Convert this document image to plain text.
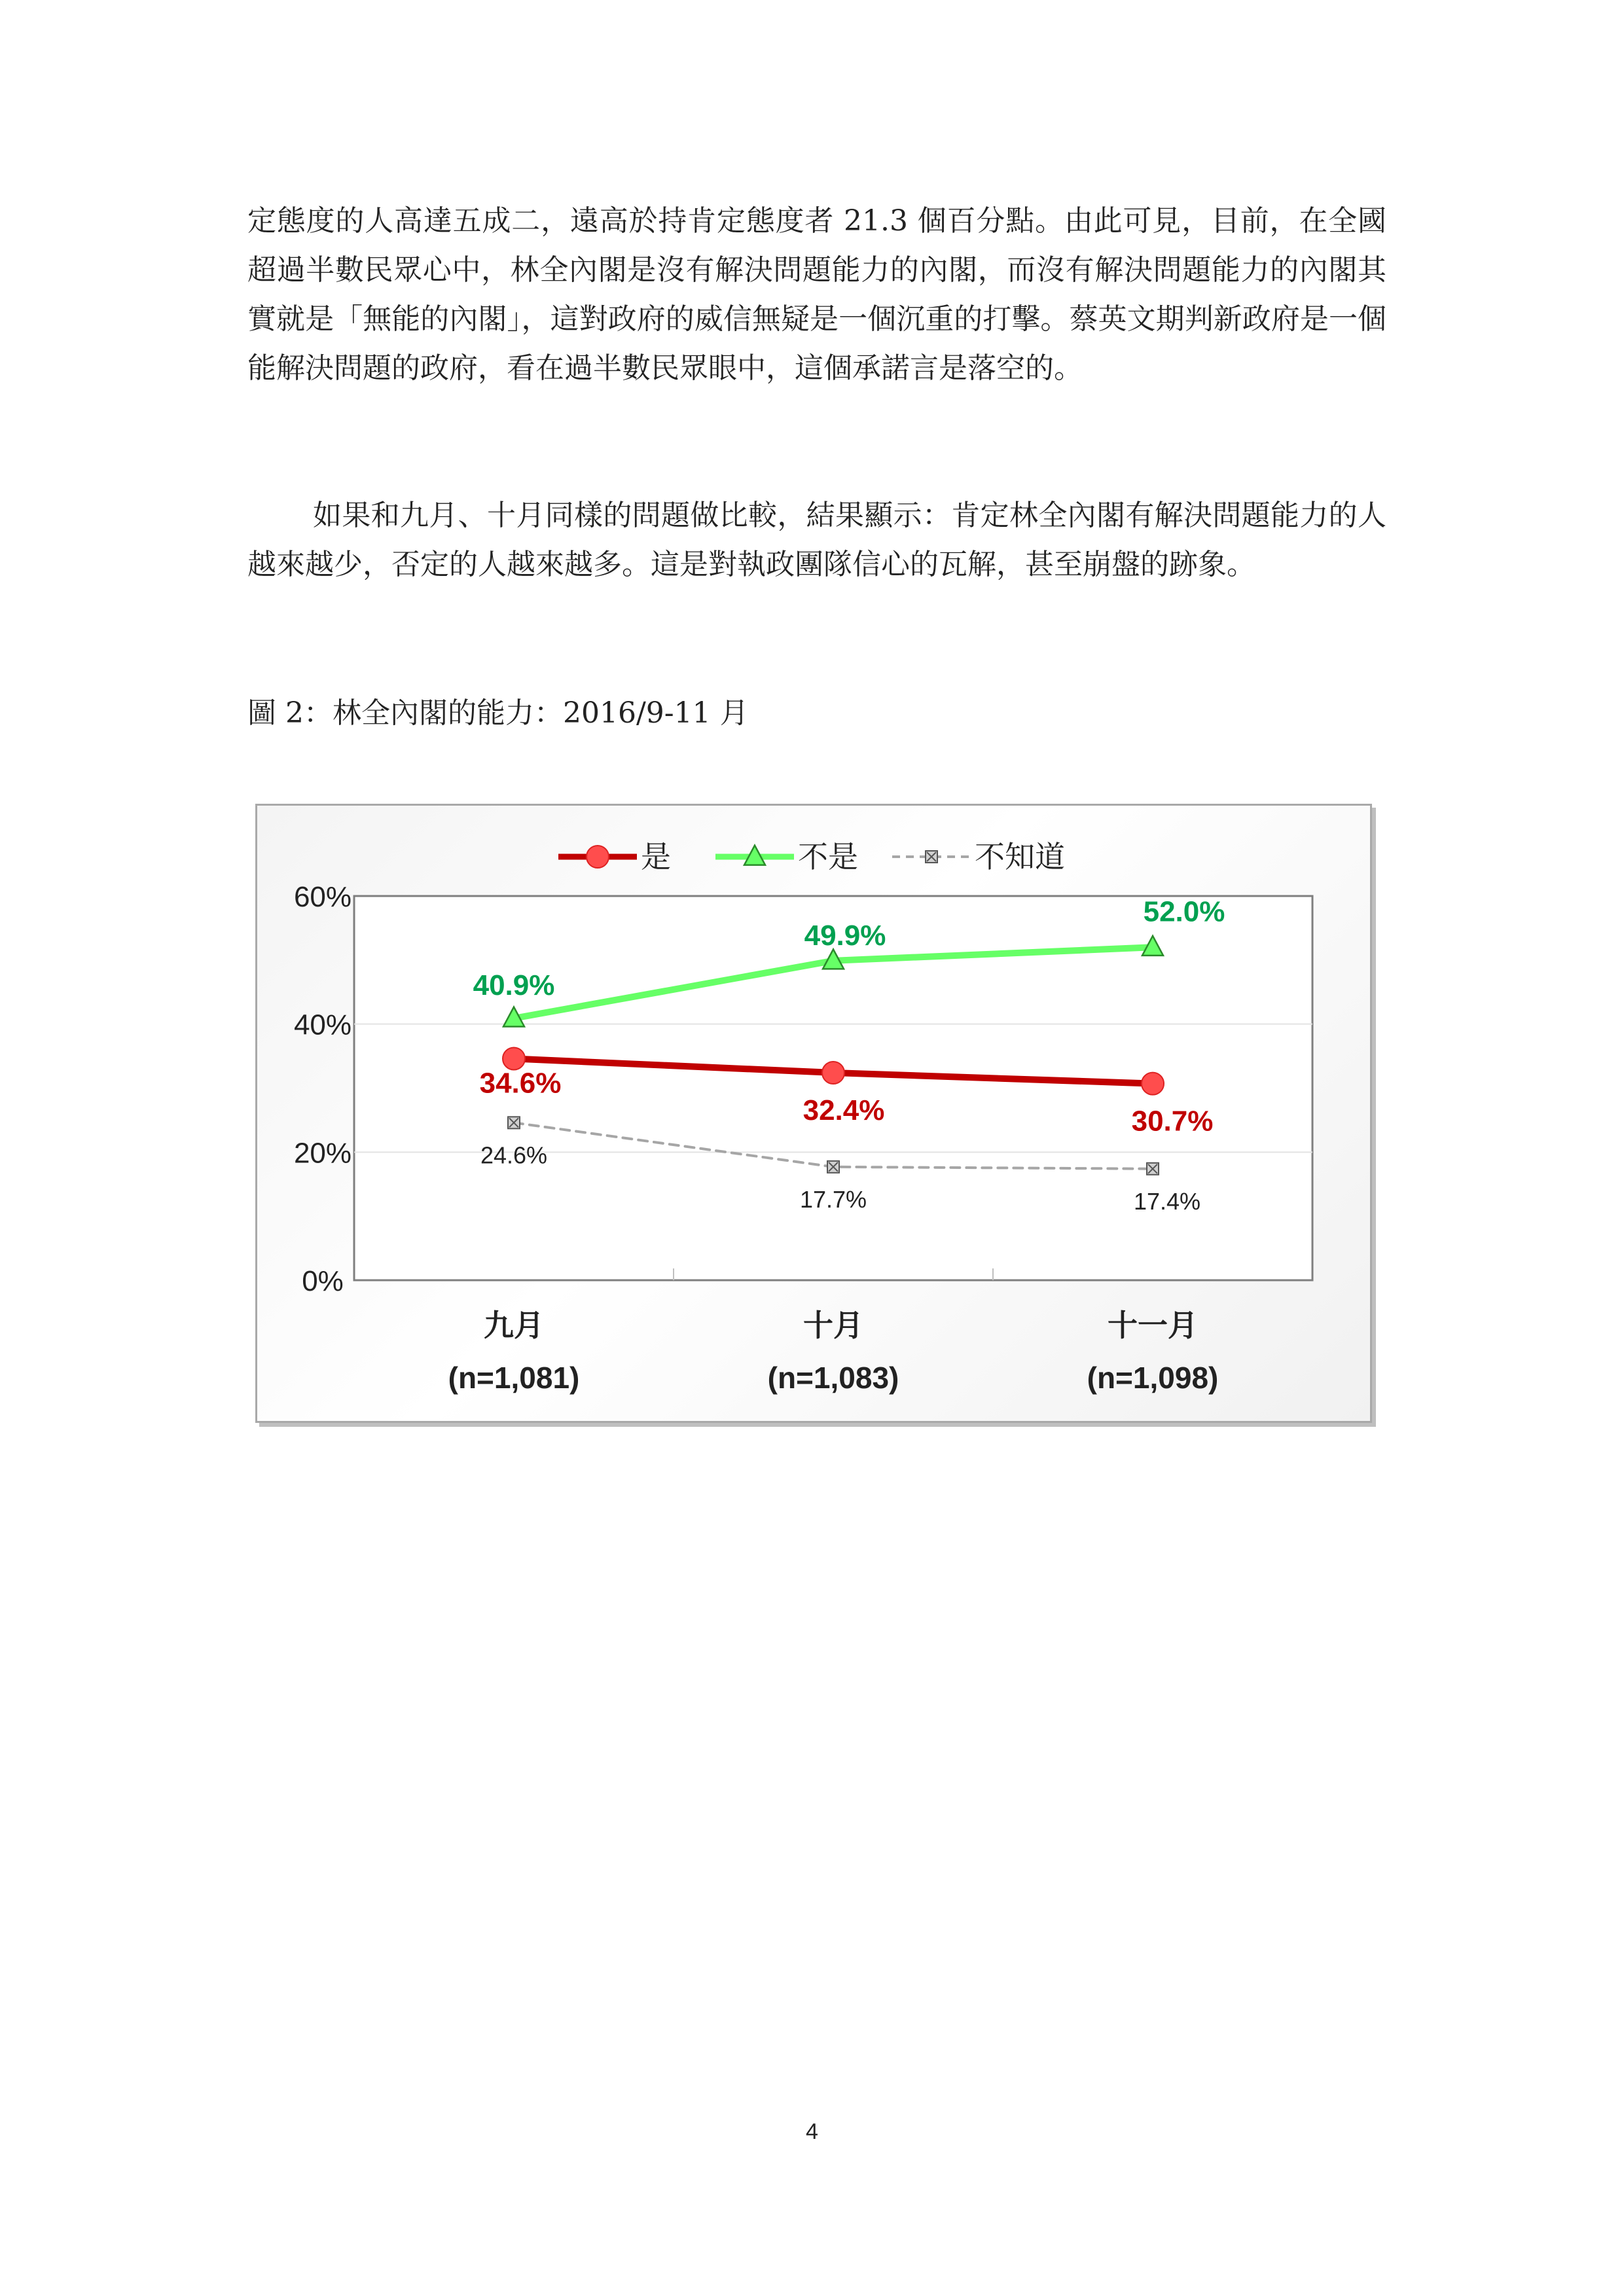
定態度的人高達五成二，遠高於持肯定態度者 21.3 個百分點。由此可見，目前，在全國超過半數民眾心中，林全內閣是沒有解決問題能力的內閣，而沒有解決問題能力的內閣其實就是「無能的內閣」，這對政府的威信無疑是一個沉重的打擊。蔡英文期判新政府是一個能解決問題的政府，看在過半數民眾眼中，這個承諾言是落空的。

如果和九月、十月同樣的問題做比較，結果顯示：肯定林全內閣有解決問題能力的人越來越少，否定的人越來越多。這是對執政團隊信心的瓦解，甚至崩盤的跡象。

圖 2：林全內閣的能力：2016/9-11 月
0%
20%
40%
60%
九月
(n=1,081)
十月
(n=1,083)
十一月
(n=1,098)
34.6%
32.4%	30.7%
40.9%
49.9%
52.0%
24.6%
17.7%	17.4%
是	不是	不知道
4
